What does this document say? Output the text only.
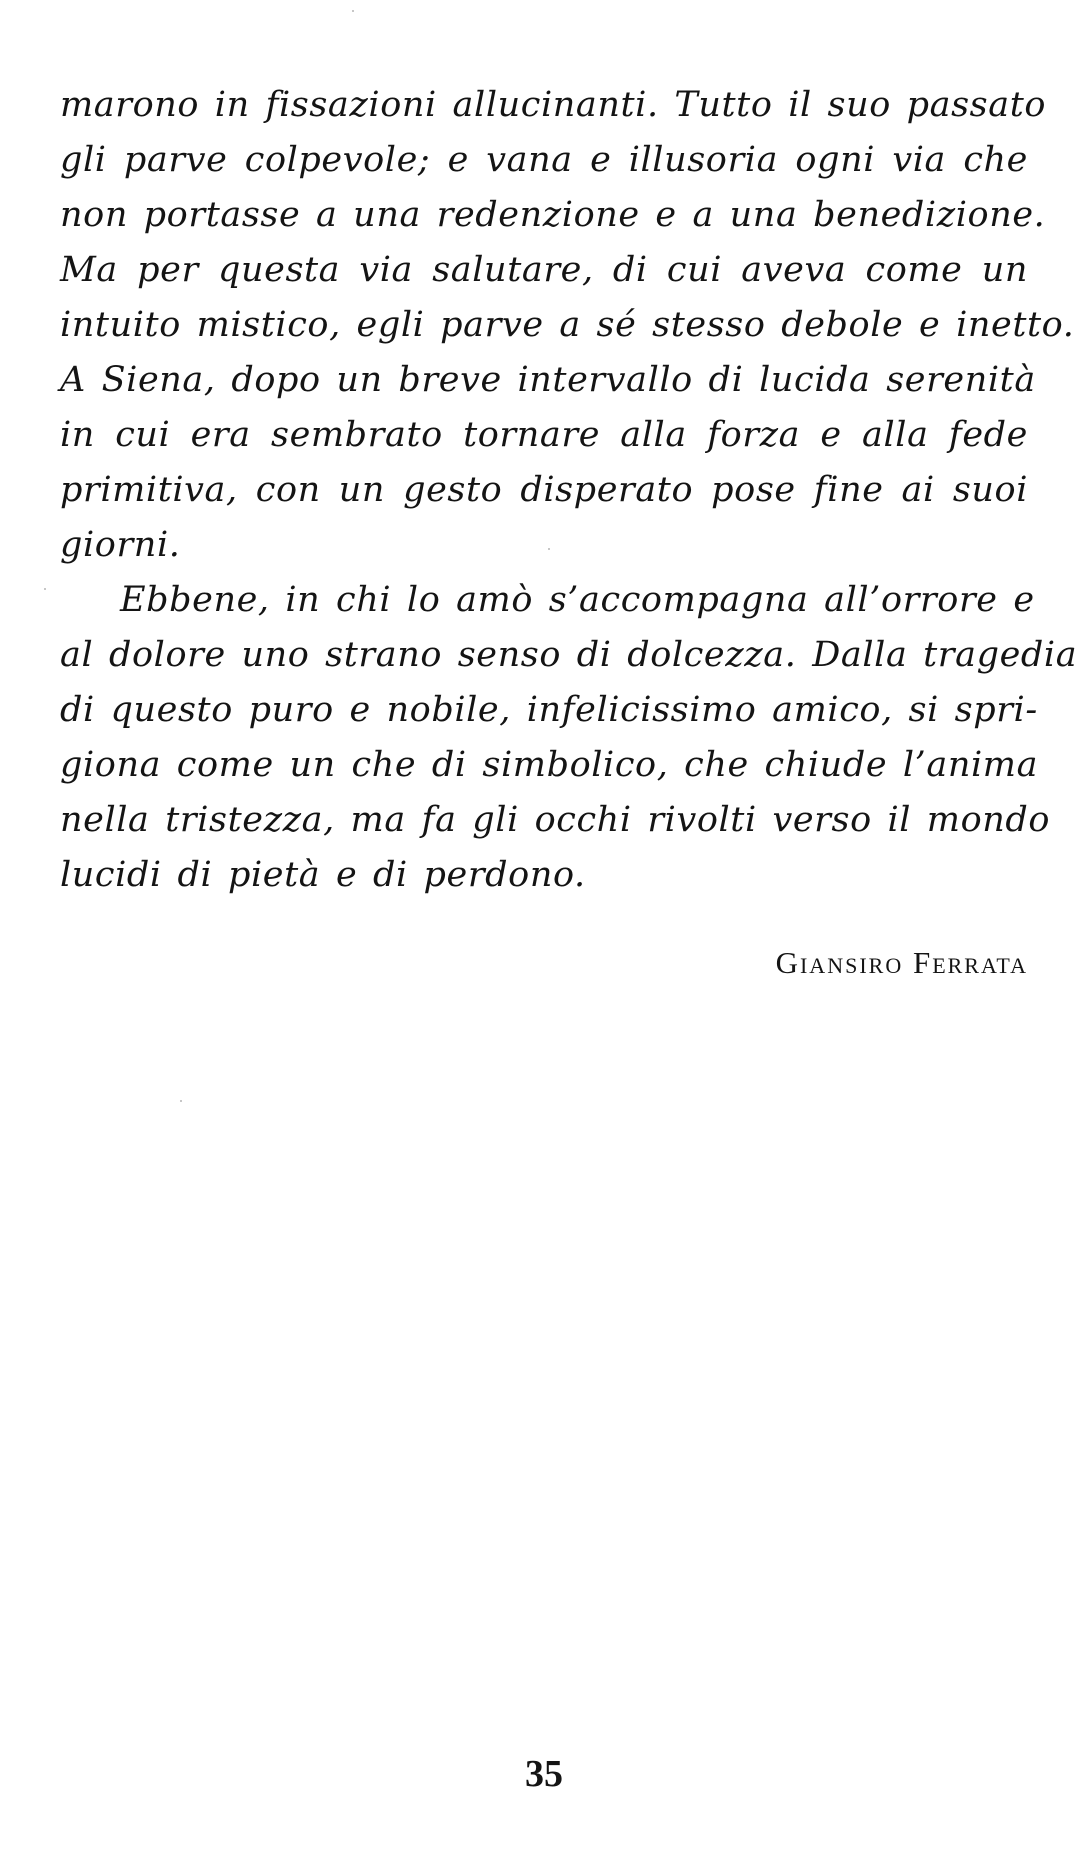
marono in fissazioni allucinanti. Tutto il suo passato
gli parve colpevole; e vana e illusoria ogni via che
non portasse a una redenzione e a una benedizione.
Ma per questa via salutare, di cui aveva come un
intuito mistico, egli parve a sé stesso debole e inetto.
A Siena, dopo un breve intervallo di lucida serenità
in cui era sembrato tornare alla forza e alla fede
primitiva, con un gesto disperato pose fine ai suoi
giorni.
Ebbene, in chi lo amò s’accompagna all’orrore e
al dolore uno strano senso di dolcezza. Dalla tragedia
di questo puro e nobile, infelicissimo amico, si spri-
giona come un che di simbolico, che chiude l’anima
nella tristezza, ma fa gli occhi rivolti verso il mondo
lucidi di pietà e di perdono.
Giansiro Ferrata
35
